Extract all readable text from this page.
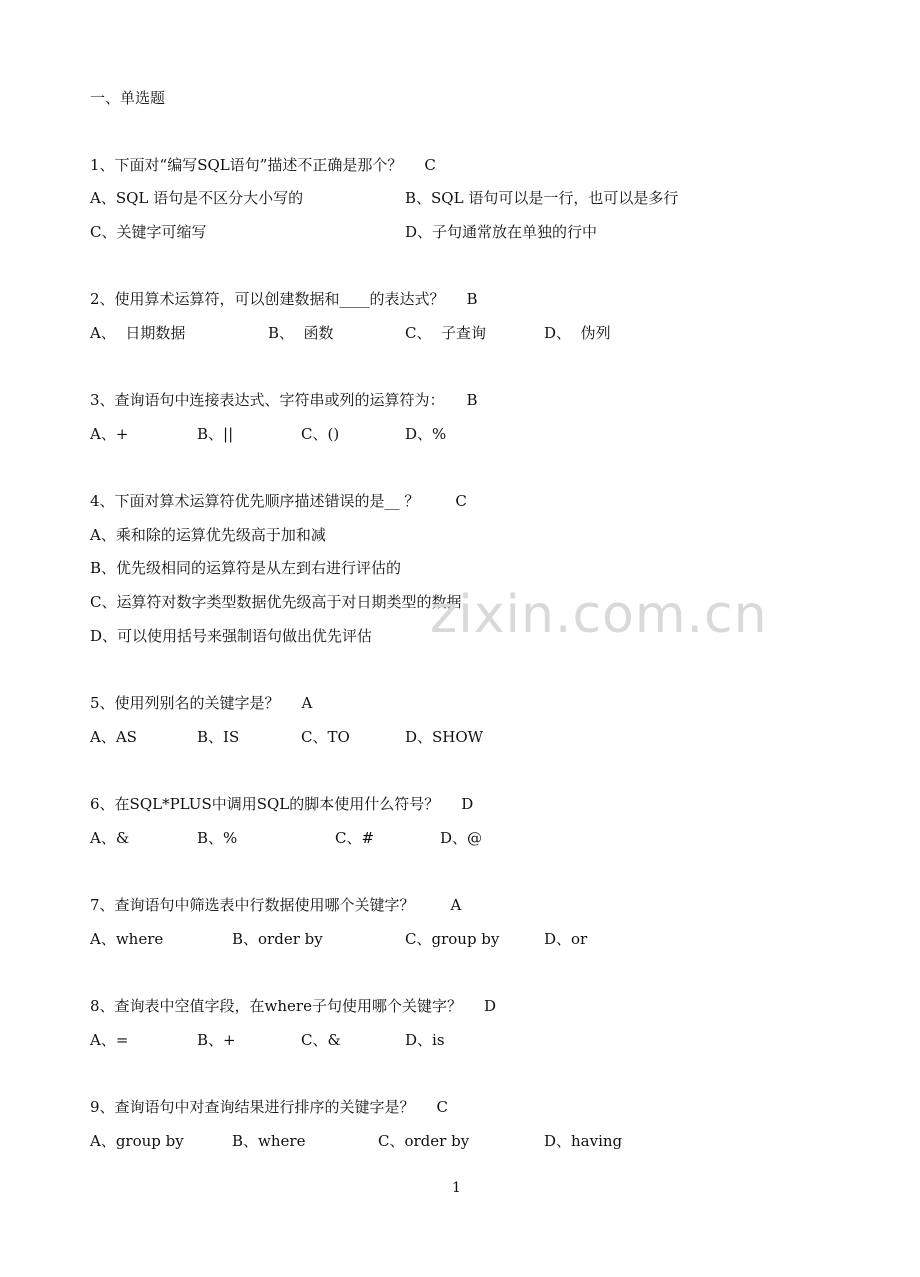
一、单选题

1、下面对“编写SQL语句”描述不正确是那个？ C

A、SQL 语句是不区分大小写的	B、SQL 语句可以是一行，也可以是多行
C、关键字可缩写	D、子句通常放在单独的行中

2、使用算术运算符，可以创建数据和____的表达式？ B

A、  日期数据	B、  函数	C、  子查询	D、  伪列

3、查询语句中连接表达式、字符串或列的运算符为： B

A、+	B、||	C、()	D、%

4、下面对算术运算符优先顺序描述错误的是__ ？ C

A、乘和除的运算优先级高于加和减

B、优先级相同的运算符是从左到右进行评估的

C、运算符对数字类型数据优先级高于对日期类型的数据

D、可以使用括号来强制语句做出优先评估

5、使用列别名的关键字是？ A

A、AS	B、IS	C、TO	D、SHOW

6、在SQL*PLUS中调用SQL的脚本使用什么符号？ D

A、&	B、%	C、#	D、@

7、查询语句中筛选表中行数据使用哪个关键字？ A

A、where	B、order by	C、group by	D、or

8、查询表中空值字段，在where子句使用哪个关键字？ D

A、=	B、+	C、&	D、is

9、查询语句中对查询结果进行排序的关键字是？ C

A、group by	B、where	C、order by	D、having
zixin.com.cn
1
